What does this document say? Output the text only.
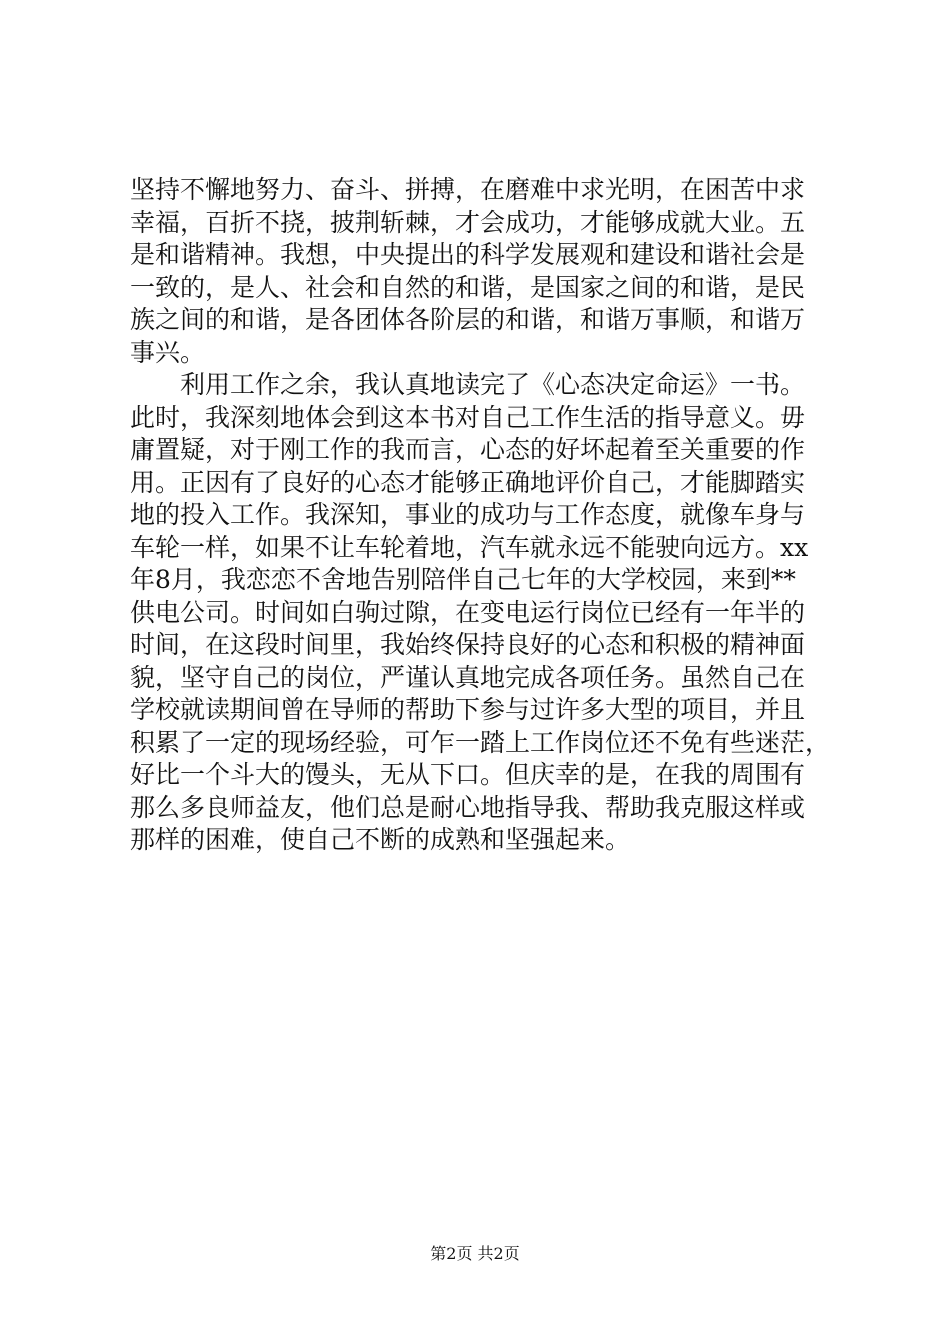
坚持不懈地努力、奋斗、拼搏，在磨难中求光明，在困苦中求
幸福，百折不挠，披荆斩棘，才会成功，才能够成就大业。五
是和谐精神。我想，中央提出的科学发展观和建设和谐社会是
一致的，是人、社会和自然的和谐，是国家之间的和谐，是民
族之间的和谐，是各团体各阶层的和谐，和谐万事顺，和谐万
事兴。
　　利用工作之余，我认真地读完了《心态决定命运》一书。
此时，我深刻地体会到这本书对自己工作生活的指导意义。毋
庸置疑，对于刚工作的我而言，心态的好坏起着至关重要的作
用。正因有了良好的心态才能够正确地评价自己，才能脚踏实
地的投入工作。我深知，事业的成功与工作态度，就像车身与
车轮一样，如果不让车轮着地，汽车就永远不能驶向远方。xx
年8月，我恋恋不舍地告别陪伴自己七年的大学校园，来到**
供电公司。时间如白驹过隙，在变电运行岗位已经有一年半的
时间，在这段时间里，我始终保持良好的心态和积极的精神面
貌，坚守自己的岗位，严谨认真地完成各项任务。虽然自己在
学校就读期间曾在导师的帮助下参与过许多大型的项目，并且
积累了一定的现场经验，可乍一踏上工作岗位还不免有些迷茫，
好比一个斗大的馒头，无从下口。但庆幸的是，在我的周围有
那么多良师益友，他们总是耐心地指导我、帮助我克服这样或
那样的困难，使自己不断的成熟和坚强起来。
第2页 共2页
